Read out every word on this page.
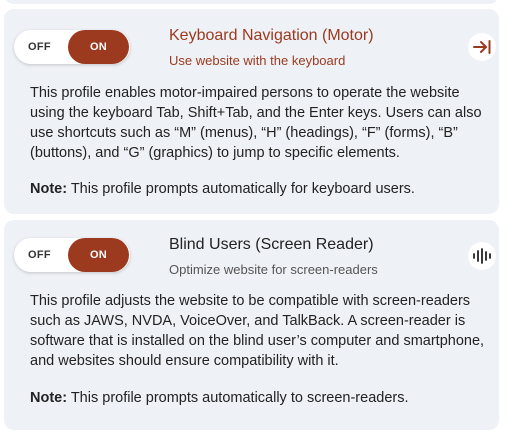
OFF	ON
Keyboard Navigation (Motor)
Use website with the keyboard
This profile enables motor-impaired persons to operate the website using the keyboard Tab, Shift+Tab, and the Enter keys. Users can also use shortcuts such as “M” (menus), “H” (headings), “F” (forms), “B” (buttons), and “G” (graphics) to jump to specific elements.
Note: This profile prompts automatically for keyboard users.
OFF	ON
Blind Users (Screen Reader)
Optimize website for screen-readers
This profile adjusts the website to be compatible with screen-readers such as JAWS, NVDA, VoiceOver, and TalkBack. A screen-reader is software that is installed on the blind user’s computer and smartphone, and websites should ensure compatibility with it.
Note: This profile prompts automatically to screen-readers.
